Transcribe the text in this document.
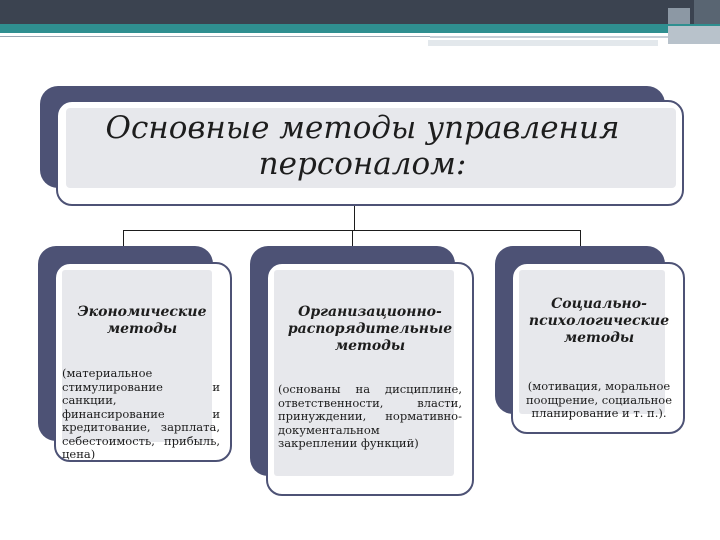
Основные методы управления персоналом:
Экономические методы
(материальное стимулирование и санкции, финансирование и кредитование, зарплата, себестоимость, прибыль, цена)
Организационно-распорядительные методы
(основаны на дисциплине, ответственности, власти, принуждении, нормативно-документальном закреплении функций)
Социально-психологические методы
(мотивация, моральное поощрение, социальное планирование и т. п.).
